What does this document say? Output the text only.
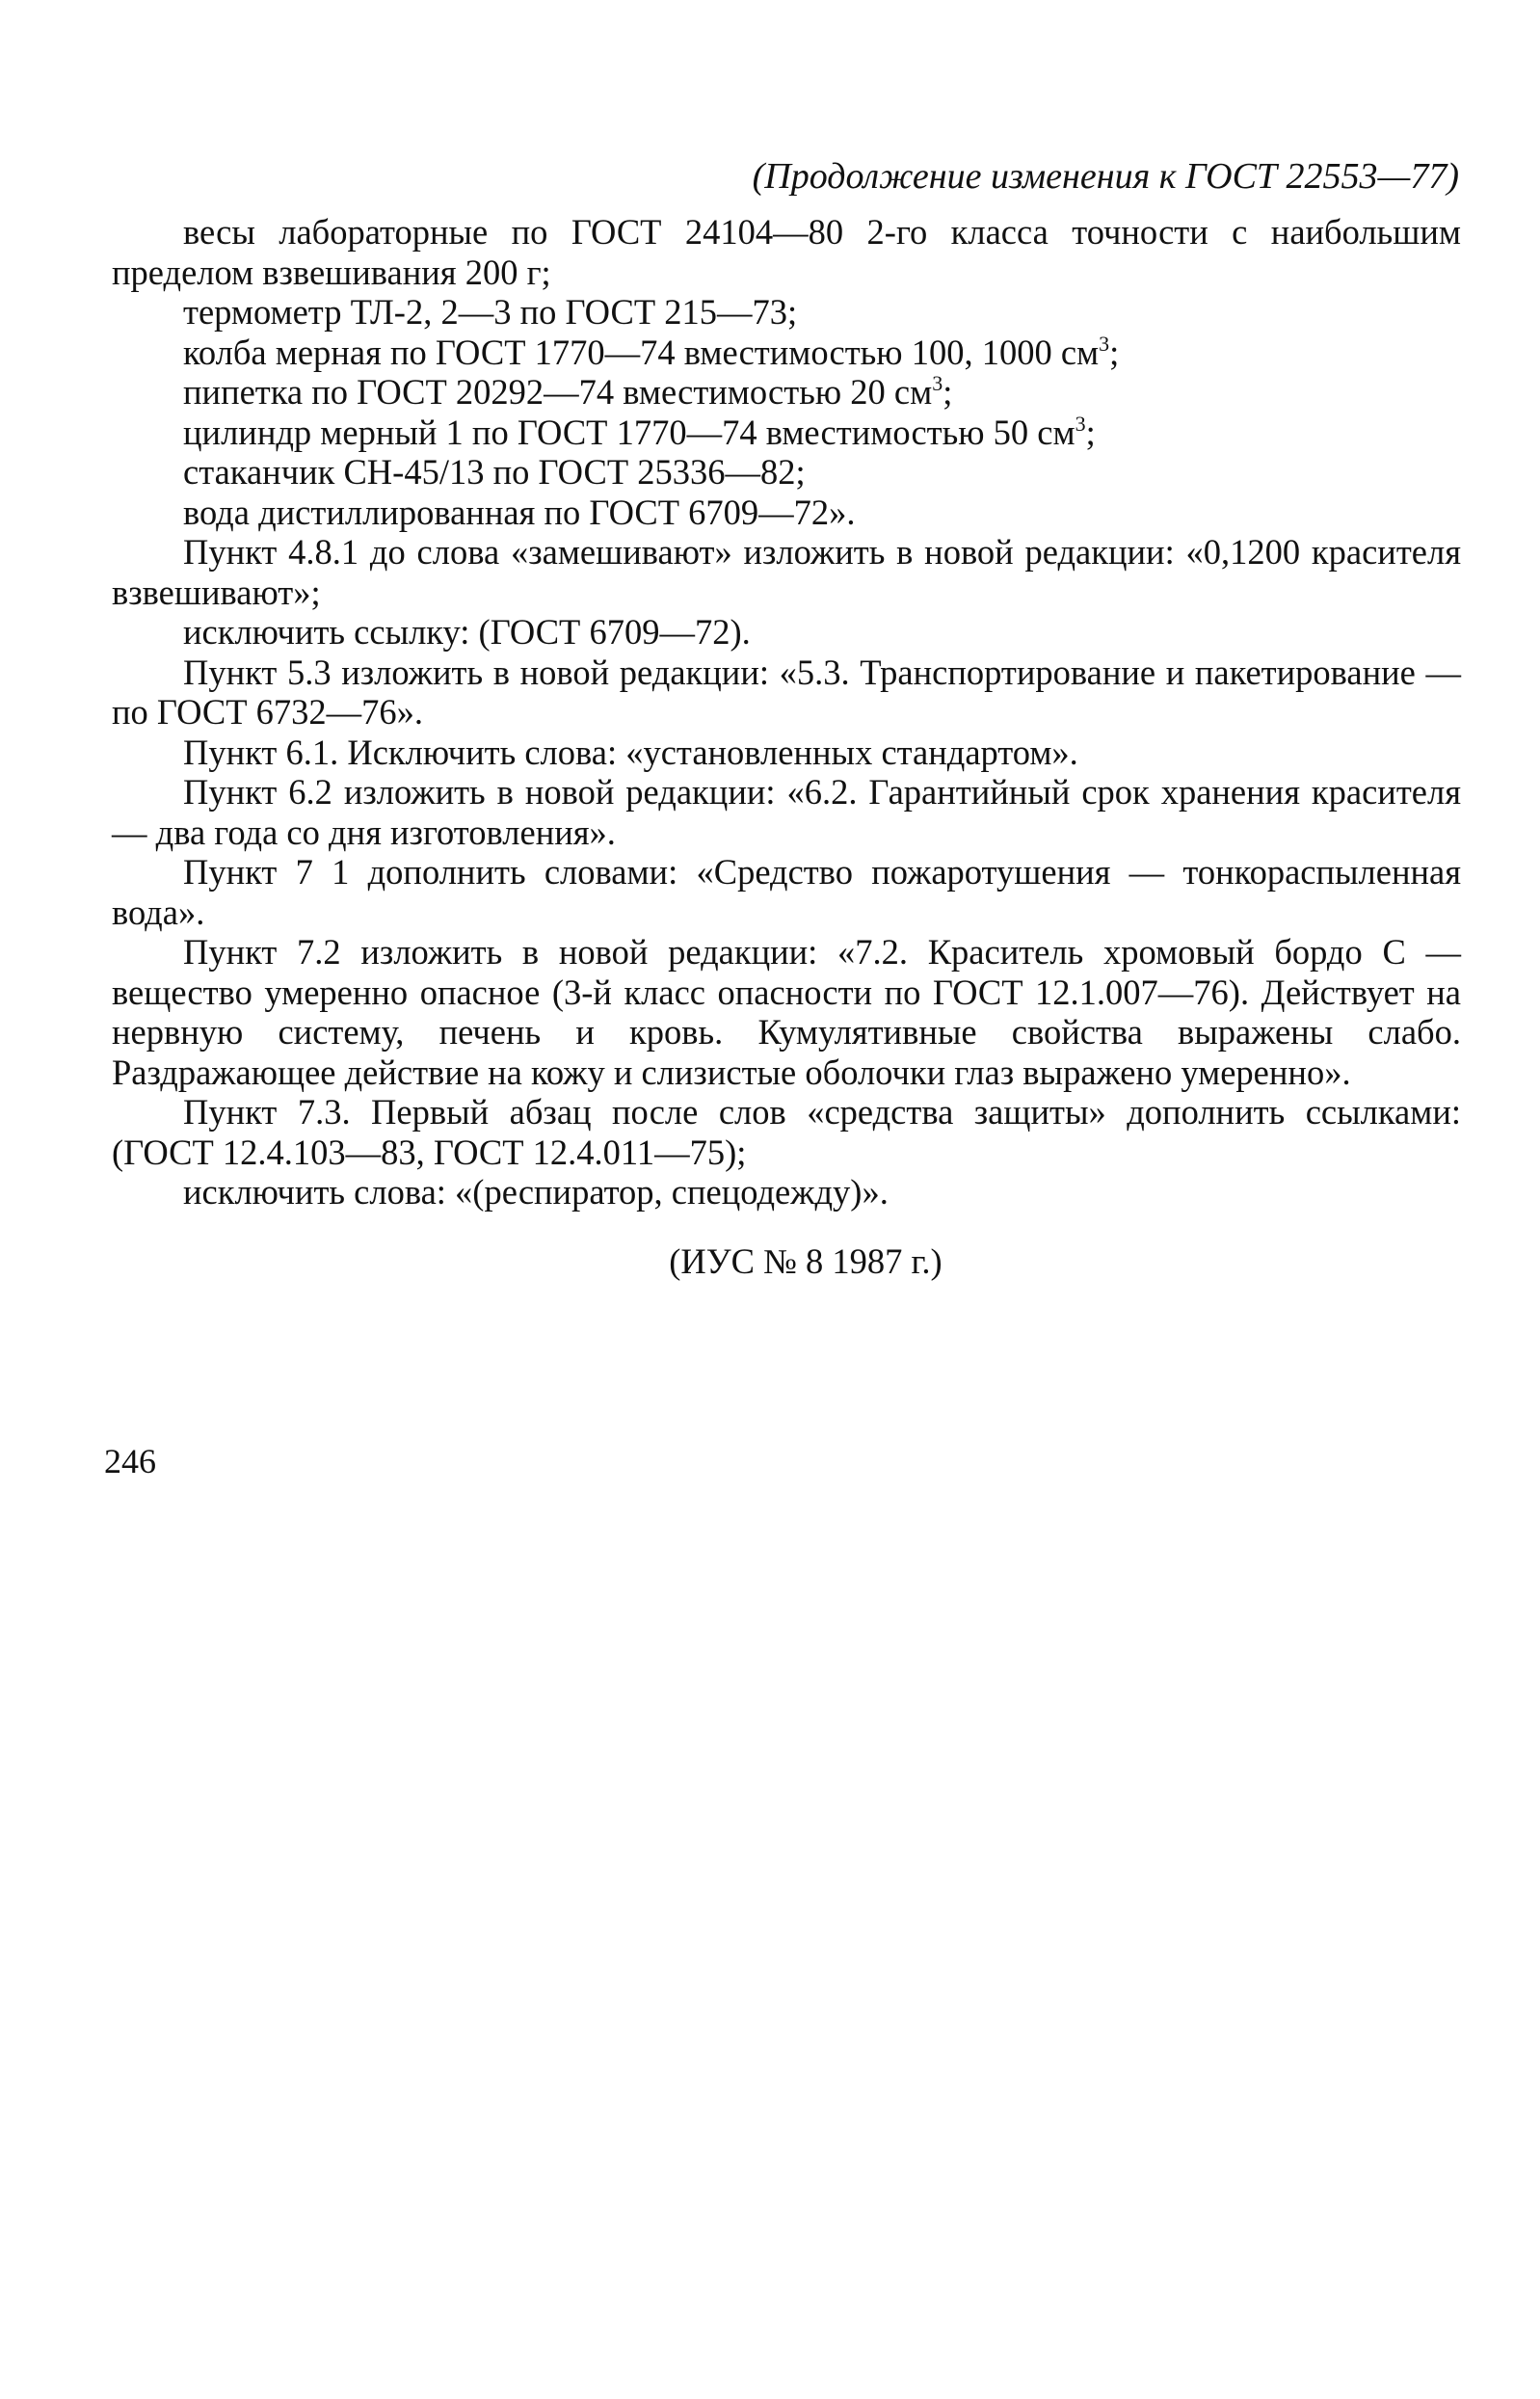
(Продолжение изменения к ГОСТ 22553—77)

весы лабораторные по ГОСТ 24104—80 2-го класса точности с наибольшим пределом взвешивания 200 г;

термометр ТЛ-2, 2—3 по ГОСТ 215—73;

колба мерная по ГОСТ 1770—74 вместимостью 100, 1000 $см^3$;

пипетка по ГОСТ 20292—74 вместимостью 20 $см^3$;

цилиндр мерный 1 по ГОСТ 1770—74 вместимостью 50 $см^3$;

стаканчик СН-45/13 по ГОСТ 25336—82;

вода дистиллированная по ГОСТ 6709—72».

Пункт 4.8.1 до слова «замешивают» изложить в новой редакции: «0,1200 красителя взвешивают»;

исключить ссылку: (ГОСТ 6709—72).

Пункт 5.3 изложить в новой редакции: «5.3. Транспортирование и пакетирование — по ГОСТ 6732—76».

Пункт 6.1. Исключить слова: «установленных стандартом».

Пункт 6.2 изложить в новой редакции: «6.2. Гарантийный срок хранения красителя — два года со дня изготовления».

Пункт 7 1 дополнить словами: «Средство пожаротушения — тонкораспыленная вода».

Пункт 7.2 изложить в новой редакции: «7.2. Краситель хромовый бордо С — вещество умеренно опасное (3-й класс опасности по ГОСТ 12.1.007—76). Действует на нервную систему, печень и кровь. Кумулятивные свойства выражены слабо. Раздражающее действие на кожу и слизистые оболочки глаз выражено умеренно».

Пункт 7.3. Первый абзац после слов «средства защиты» дополнить ссылками: (ГОСТ 12.4.103—83, ГОСТ 12.4.011—75);

исключить слова: «(респиратор, спецодежду)».

(ИУС № 8 1987 г.)

246
